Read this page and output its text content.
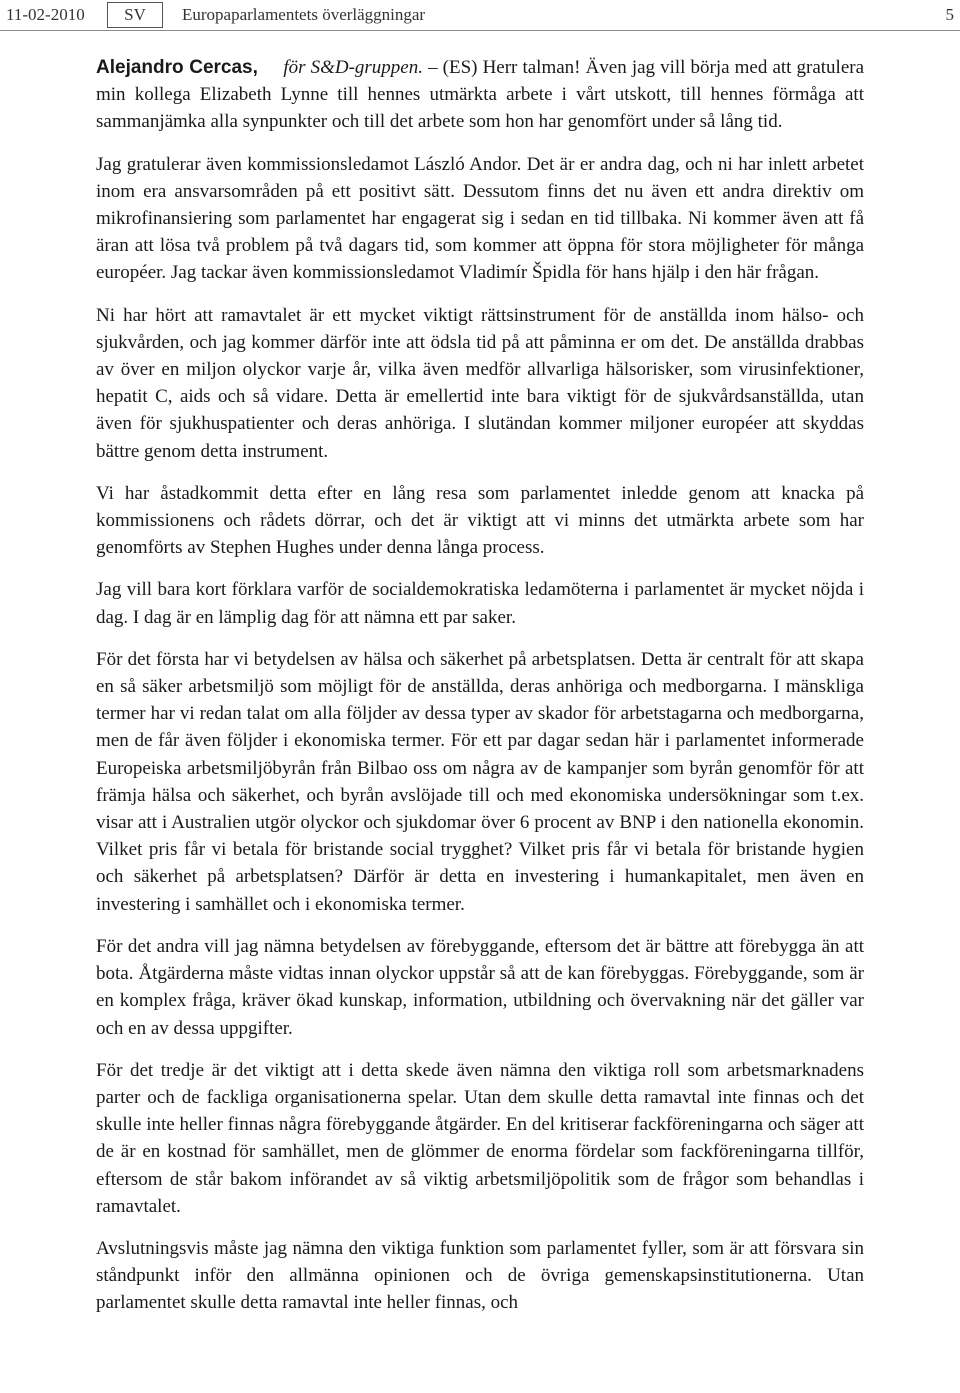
11-02-2010	SV	Europaparlamentets överläggningar	5

Alejandro Cercas, för S&D-gruppen. – (ES) Herr talman! Även jag vill börja med att gratulera min kollega Elizabeth Lynne till hennes utmärkta arbete i vårt utskott, till hennes förmåga att sammanjämka alla synpunkter och till det arbete som hon har genomfört under så lång tid.

Jag gratulerar även kommissionsledamot László Andor. Det är er andra dag, och ni har inlett arbetet inom era ansvarsområden på ett positivt sätt. Dessutom finns det nu även ett andra direktiv om mikrofinansiering som parlamentet har engagerat sig i sedan en tid tillbaka. Ni kommer även att få äran att lösa två problem på två dagars tid, som kommer att öppna för stora möjligheter för många européer. Jag tackar även kommissionsledamot Vladimír Špidla för hans hjälp i den här frågan.

Ni har hört att ramavtalet är ett mycket viktigt rättsinstrument för de anställda inom hälso- och sjukvården, och jag kommer därför inte att ödsla tid på att påminna er om det. De anställda drabbas av över en miljon olyckor varje år, vilka även medför allvarliga hälsorisker, som virusinfektioner, hepatit C, aids och så vidare. Detta är emellertid inte bara viktigt för de sjukvårdsanställda, utan även för sjukhuspatienter och deras anhöriga. I slutändan kommer miljoner européer att skyddas bättre genom detta instrument.

Vi har åstadkommit detta efter en lång resa som parlamentet inledde genom att knacka på kommissionens och rådets dörrar, och det är viktigt att vi minns det utmärkta arbete som har genomförts av Stephen Hughes under denna långa process.

Jag vill bara kort förklara varför de socialdemokratiska ledamöterna i parlamentet är mycket nöjda i dag. I dag är en lämplig dag för att nämna ett par saker.

För det första har vi betydelsen av hälsa och säkerhet på arbetsplatsen. Detta är centralt för att skapa en så säker arbetsmiljö som möjligt för de anställda, deras anhöriga och medborgarna. I mänskliga termer har vi redan talat om alla följder av dessa typer av skador för arbetstagarna och medborgarna, men de får även följder i ekonomiska termer. För ett par dagar sedan här i parlamentet informerade Europeiska arbetsmiljöbyrån från Bilbao oss om några av de kampanjer som byrån genomför för att främja hälsa och säkerhet, och byrån avslöjade till och med ekonomiska undersökningar som t.ex. visar att i Australien utgör olyckor och sjukdomar över 6 procent av BNP i den nationella ekonomin. Vilket pris får vi betala för bristande social trygghet? Vilket pris får vi betala för bristande hygien och säkerhet på arbetsplatsen? Därför är detta en investering i humankapitalet, men även en investering i samhället och i ekonomiska termer.

För det andra vill jag nämna betydelsen av förebyggande, eftersom det är bättre att förebygga än att bota. Åtgärderna måste vidtas innan olyckor uppstår så att de kan förebyggas. Förebyggande, som är en komplex fråga, kräver ökad kunskap, information, utbildning och övervakning när det gäller var och en av dessa uppgifter.

För det tredje är det viktigt att i detta skede även nämna den viktiga roll som arbetsmarknadens parter och de fackliga organisationerna spelar. Utan dem skulle detta ramavtal inte finnas och det skulle inte heller finnas några förebyggande åtgärder. En del kritiserar fackföreningarna och säger att de är en kostnad för samhället, men de glömmer de enorma fördelar som fackföreningarna tillför, eftersom de står bakom införandet av så viktig arbetsmiljöpolitik som de frågor som behandlas i ramavtalet.

Avslutningsvis måste jag nämna den viktiga funktion som parlamentet fyller, som är att försvara sin ståndpunkt inför den allmänna opinionen och de övriga gemenskapsinstitutionerna. Utan parlamentet skulle detta ramavtal inte heller finnas, och
